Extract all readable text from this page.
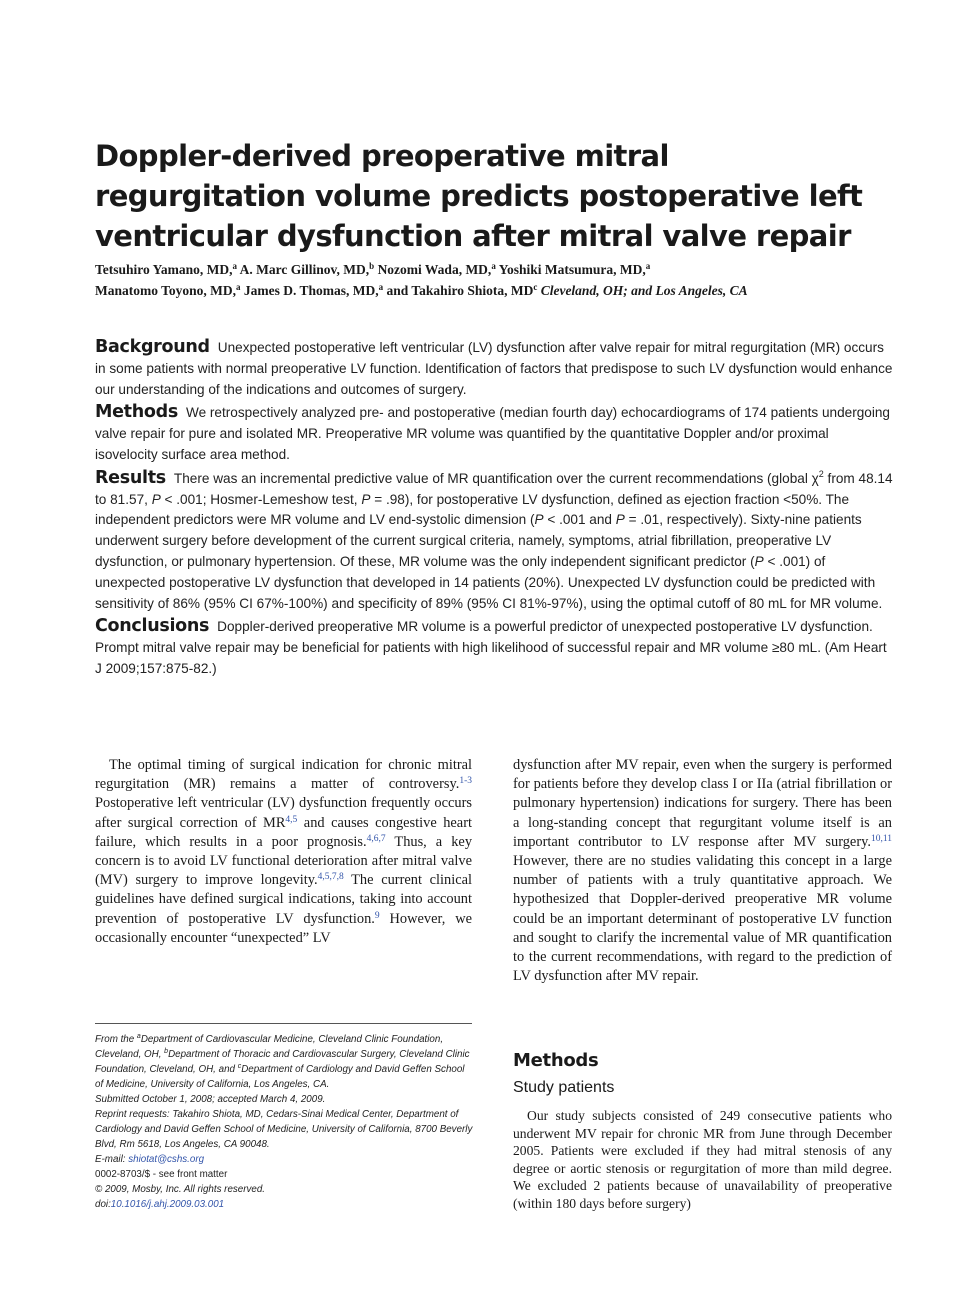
Doppler-derived preoperative mitral regurgitation volume predicts postoperative left ventricular dysfunction after mitral valve repair
Tetsuhiro Yamano, MD,$^a$ A. Marc Gillinov, MD,$^b$ Nozomi Wada, MD,$^a$ Yoshiki Matsumura, MD,$^a$
Manatomo Toyono, MD,$^a$ James D. Thomas, MD,$^a$ and Takahiro Shiota, $MD^c$ Cleveland, OH; and Los Angeles, CA

Background Unexpected postoperative left ventricular (LV) dysfunction after valve repair for mitral regurgitation (MR) occurs in some patients with normal preoperative LV function. Identification of factors that predispose to such LV dysfunction would enhance our understanding of the indications and outcomes of surgery.

Methods We retrospectively analyzed pre- and postoperative (median fourth day) echocardiograms of 174 patients undergoing valve repair for pure and isolated MR. Preoperative MR volume was quantified by the quantitative Doppler and/or proximal isovelocity surface area method.

Results There was an incremental predictive value of MR quantification over the current recommendations (global $\chi^2$ from 48.14 to 81.57, P < .001; Hosmer-Lemeshow test, P = .98), for postoperative LV dysfunction, defined as ejection fraction <50%. The independent predictors were MR volume and LV end-systolic dimension (P < .001 and P = .01, respectively). Sixty-nine patients underwent surgery before development of the current surgical criteria, namely, symptoms, atrial fibrillation, preoperative LV dysfunction, or pulmonary hypertension. Of these, MR volume was the only independent significant predictor (P < .001) of unexpected postoperative LV dysfunction that developed in 14 patients (20%). Unexpected LV dysfunction could be predicted with sensitivity of 86% (95% CI 67%-100%) and specificity of 89% (95% CI 81%-97%), using the optimal cutoff of 80 mL for MR volume.

Conclusions Doppler-derived preoperative MR volume is a powerful predictor of unexpected postoperative LV dysfunction. Prompt mitral valve repair may be beneficial for patients with high likelihood of successful repair and MR volume ≥80 mL. (Am Heart J 2009;157:875-82.)

The optimal timing of surgical indication for chronic mitral regurgitation (MR) remains a matter of controversy.$^{1-3}$ Postoperative left ventricular (LV) dysfunction frequently occurs after surgical correction of MR$^{4,5}$ and causes congestive heart failure, which results in a poor prognosis.$^{4,6,7}$ Thus, a key concern is to avoid LV functional deterioration after mitral valve (MV) surgery to improve longevity.$^{4,5,7,8}$ The current clinical guidelines have defined surgical indications, taking into account prevention of postoperative LV dysfunction.$^9$ However, we occasionally encounter “unexpected” LV

dysfunction after MV repair, even when the surgery is performed for patients before they develop class I or IIa (atrial fibrillation or pulmonary hypertension) indications for surgery. There has been a long-standing concept that regurgitant volume itself is an important contributor to LV response after MV surgery.$^{10,11}$ However, there are no studies validating this concept in a large number of patients with a truly quantitative approach. We hypothesized that Doppler-derived preoperative MR volume could be an important determinant of postoperative LV function and sought to clarify the incremental value of MR quantification to the current recommendations, with regard to the prediction of LV dysfunction after MV repair.

From the $^a$Department of Cardiovascular Medicine, Cleveland Clinic Foundation, Cleveland, OH, $^b$Department of Thoracic and Cardiovascular Surgery, Cleveland Clinic Foundation, Cleveland, OH, and $^c$Department of Cardiology and David Geffen School of Medicine, University of California, Los Angeles, CA.

Submitted October 1, 2008; accepted March 4, 2009.

Reprint requests: Takahiro Shiota, MD, Cedars-Sinai Medical Center, Department of Cardiology and David Geffen School of Medicine, University of California, 8700 Beverly Blvd, Rm 5618, Los Angeles, CA 90048.

E-mail: shiotat@cshs.org

0002-8703/$ - see front matter

© 2009, Mosby, Inc. All rights reserved.

doi:10.1016/j.ahj.2009.03.001

Methods
Study patients

Our study subjects consisted of 249 consecutive patients who underwent MV repair for chronic MR from June through December 2005. Patients were excluded if they had mitral stenosis of any degree or aortic stenosis or regurgitation of more than mild degree. We excluded 2 patients because of unavailability of preoperative (within 180 days before surgery)
